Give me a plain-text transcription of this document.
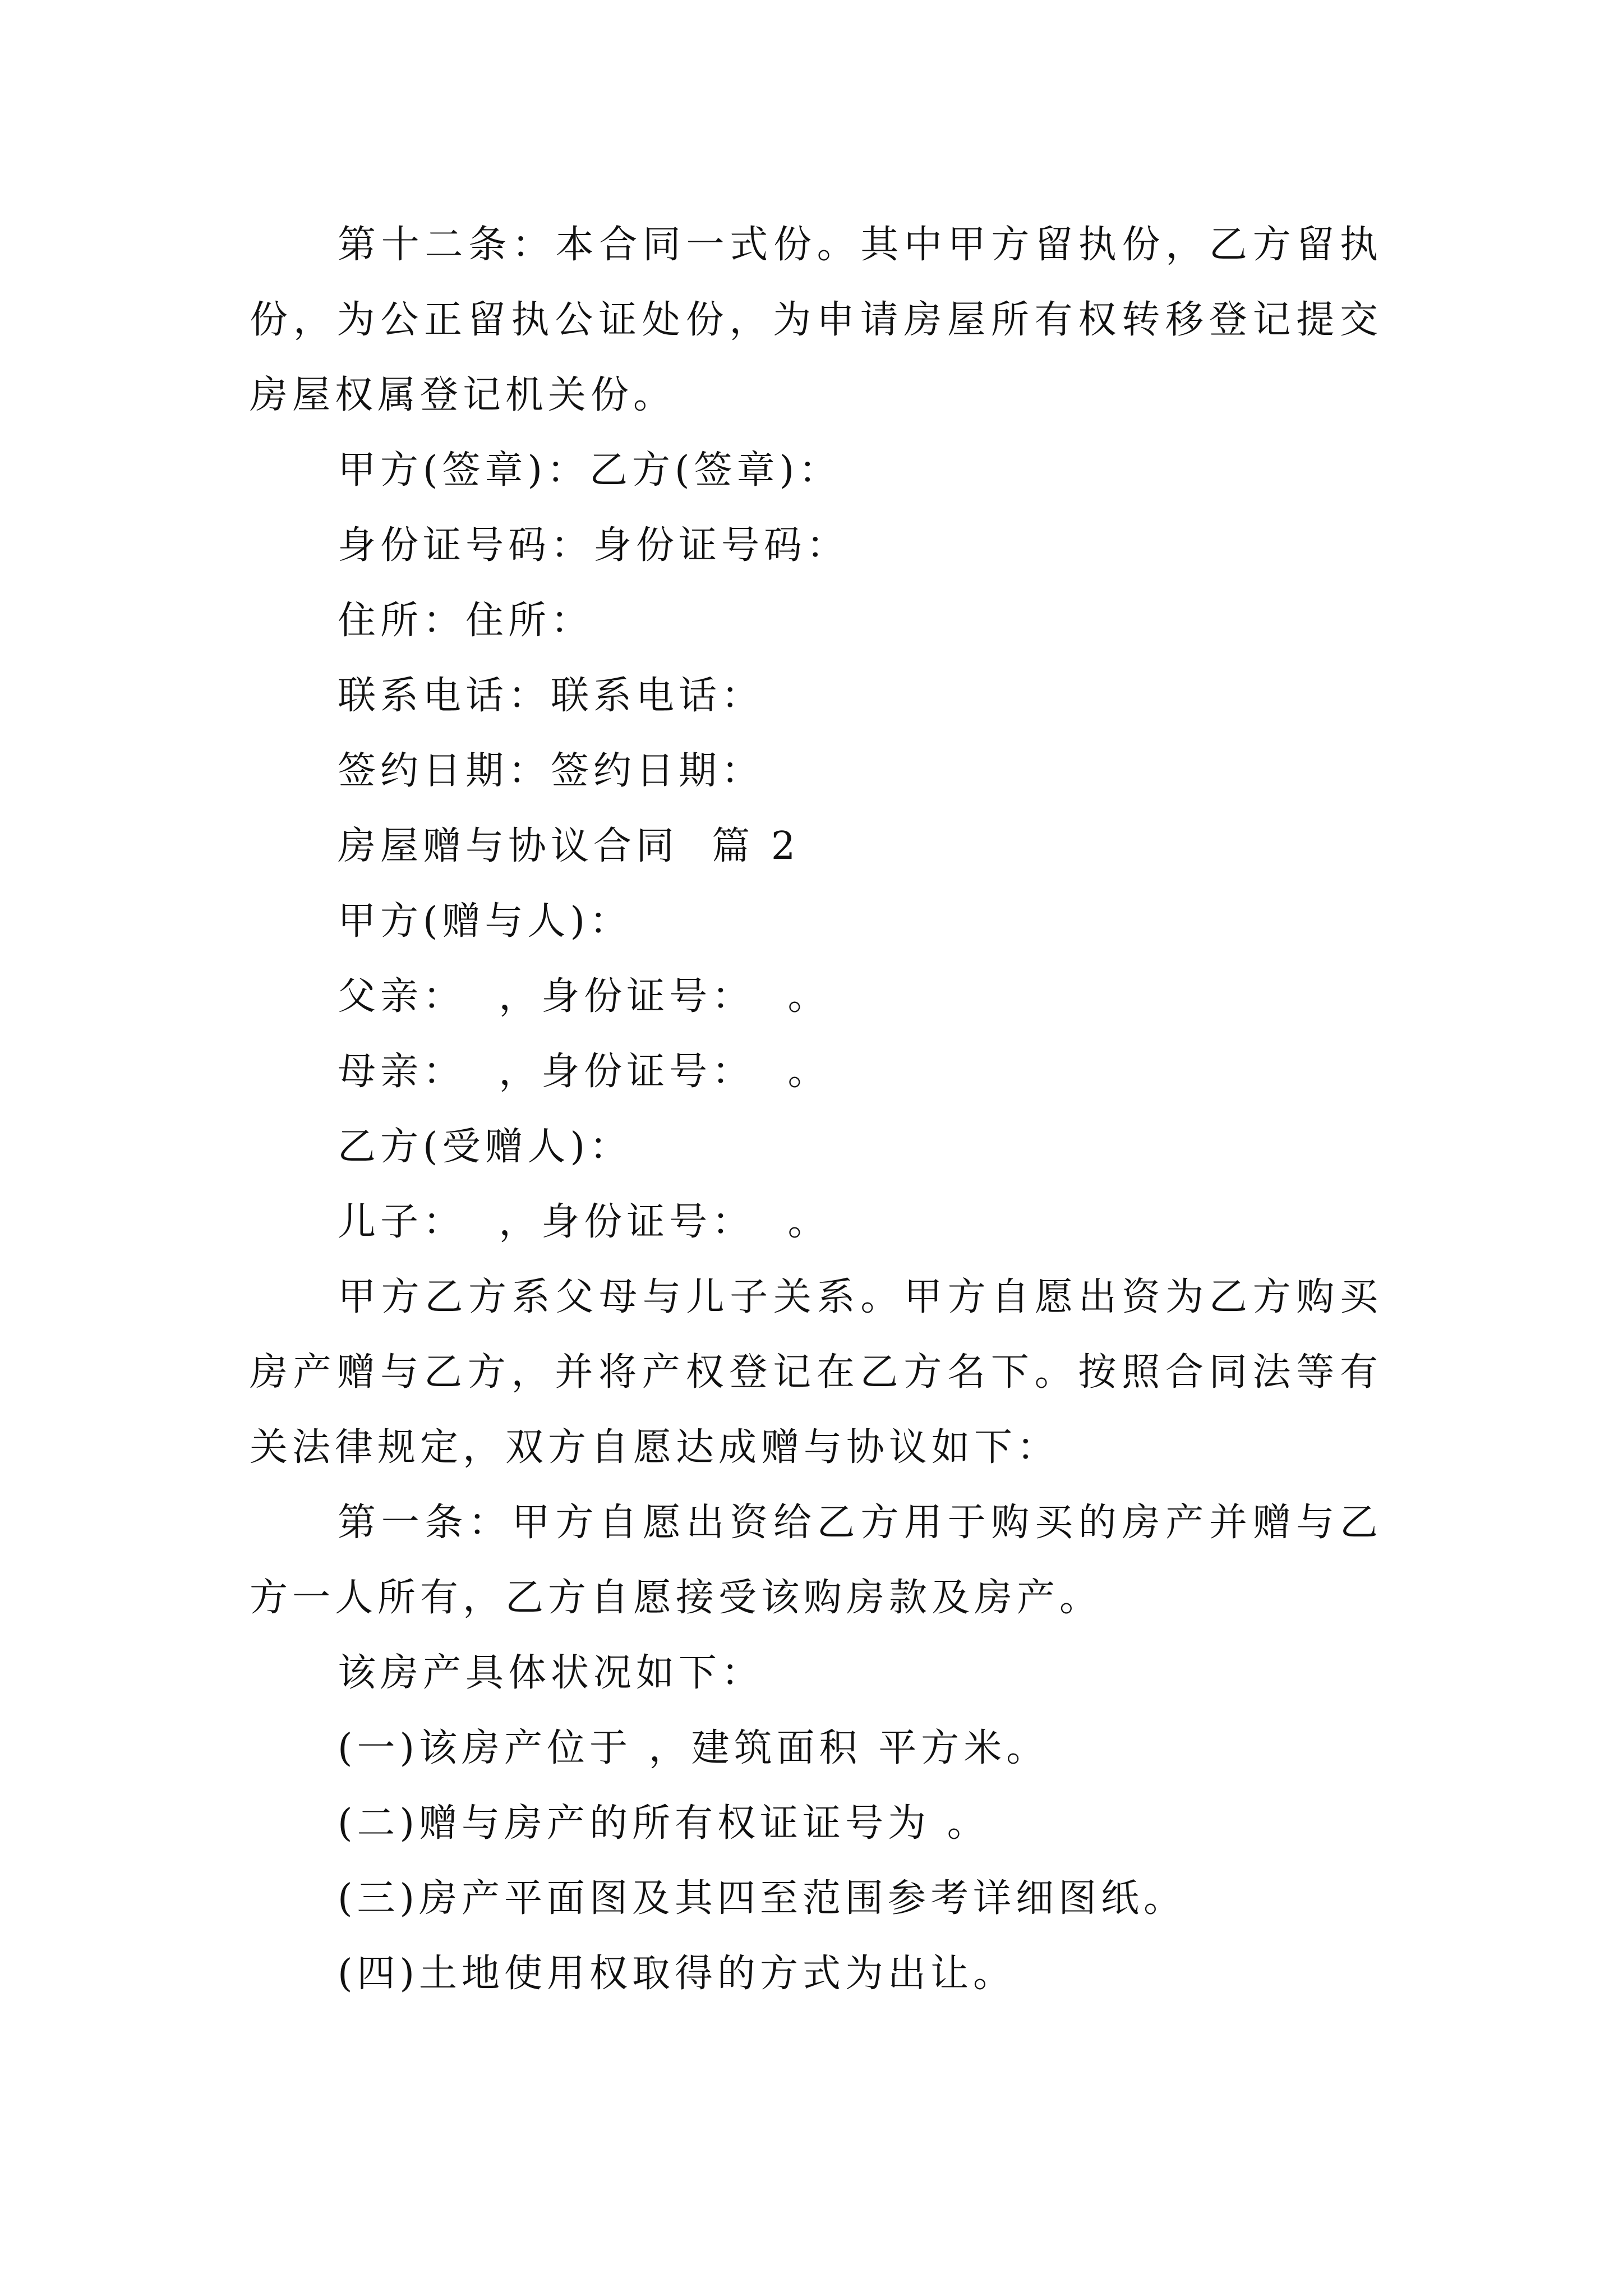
第十二条：本合同一式份。其中甲方留执份，乙方留执份，为公正留执公证处份，为申请房屋所有权转移登记提交房屋权属登记机关份。

甲方(签章)：乙方(签章)：

身份证号码：身份证号码：

住所：住所：

联系电话：联系电话：

签约日期：签约日期：

房屋赠与协议合同  篇 2

甲方(赠与人)：

父亲：  ，身份证号：  。

母亲：  ，身份证号：  。

乙方(受赠人)：

儿子：  ，身份证号：  。

甲方乙方系父母与儿子关系。甲方自愿出资为乙方购买房产赠与乙方，并将产权登记在乙方名下。按照合同法等有关法律规定，双方自愿达成赠与协议如下：

第一条：甲方自愿出资给乙方用于购买的房产并赠与乙方一人所有，乙方自愿接受该购房款及房产。

该房产具体状况如下：

(一)该房产位于 ，建筑面积 平方米。

(二)赠与房产的所有权证证号为 。

(三)房产平面图及其四至范围参考详细图纸。

(四)土地使用权取得的方式为出让。
